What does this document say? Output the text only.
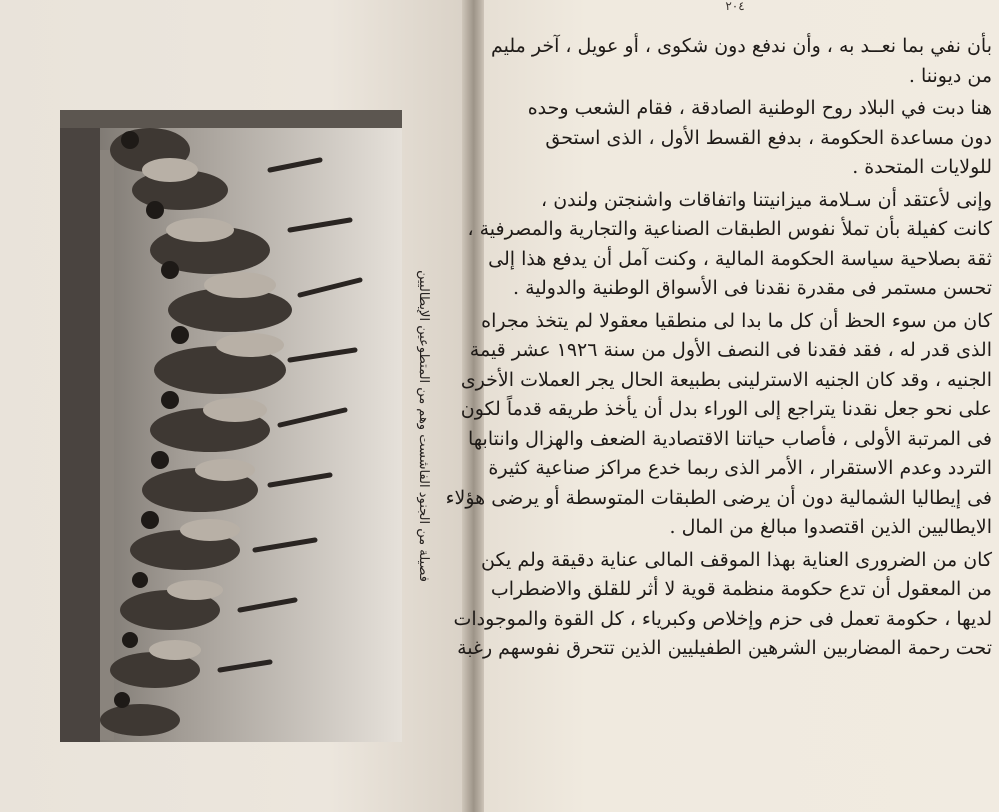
فصيلة من الجنود الفاشست وهم من المتطوعين الإيطاليين
٢٠٤

بأن نفي بما نعــد به ، وأن ندفع دون شكوى ، أو عويل ، آخر مليم
من ديوننا .

هنا دبت في البلاد روح الوطنية الصادقة ، فقام الشعب وحده
دون مساعدة الحكومة ، بدفع القسط الأول ، الذى استحق
للولايات المتحدة .

وإنى لأعتقد أن سـلامة ميزانيتنا واتفاقات واشنجتن ولندن ،
كانت كفيلة بأن تملأ نفوس الطبقات الصناعية والتجارية والمصرفية ،
ثقة بصلاحية سياسة الحكومة المالية ، وكنت آمل أن يدفع هذا إلى
تحسن مستمر فى مقدرة نقدنا فى الأسواق الوطنية والدولية .

كان من سوء الحظ أن كل ما بدا لى منطقيا معقولا لم يتخذ مجراه
الذى قدر له ، فقد فقدنا فى النصف الأول من سنة ١٩٢٦ عشر قيمة
الجنيه ، وقد كان الجنيه الاسترلينى بطبيعة الحال يجر العملات الأخرى
على نحو جعل نقدنا يتراجع إلى الوراء بدل أن يأخذ طريقه قدماً لكون
فى المرتبة الأولى ، فأصاب حياتنا الاقتصادية الضعف والهزال وانتابها
التردد وعدم الاستقرار ، الأمر الذى ربما خدع مراكز صناعية كثيرة
فى إيطاليا الشمالية دون أن يرضى الطبقات المتوسطة أو يرضى هؤلاء
الايطاليين الذين اقتصدوا مبالغ من المال .

كان من الضرورى العناية بهذا الموقف المالى عناية دقيقة ولم يكن
من المعقول أن تدع حكومة منظمة قوية لا أثر للقلق والاضطراب
لديها ، حكومة تعمل فى حزم وإخلاص وكبرياء ، كل القوة والموجودات
تحت رحمة المضاربين الشرهين الطفيليين الذين تتحرق نفوسهم رغبة
